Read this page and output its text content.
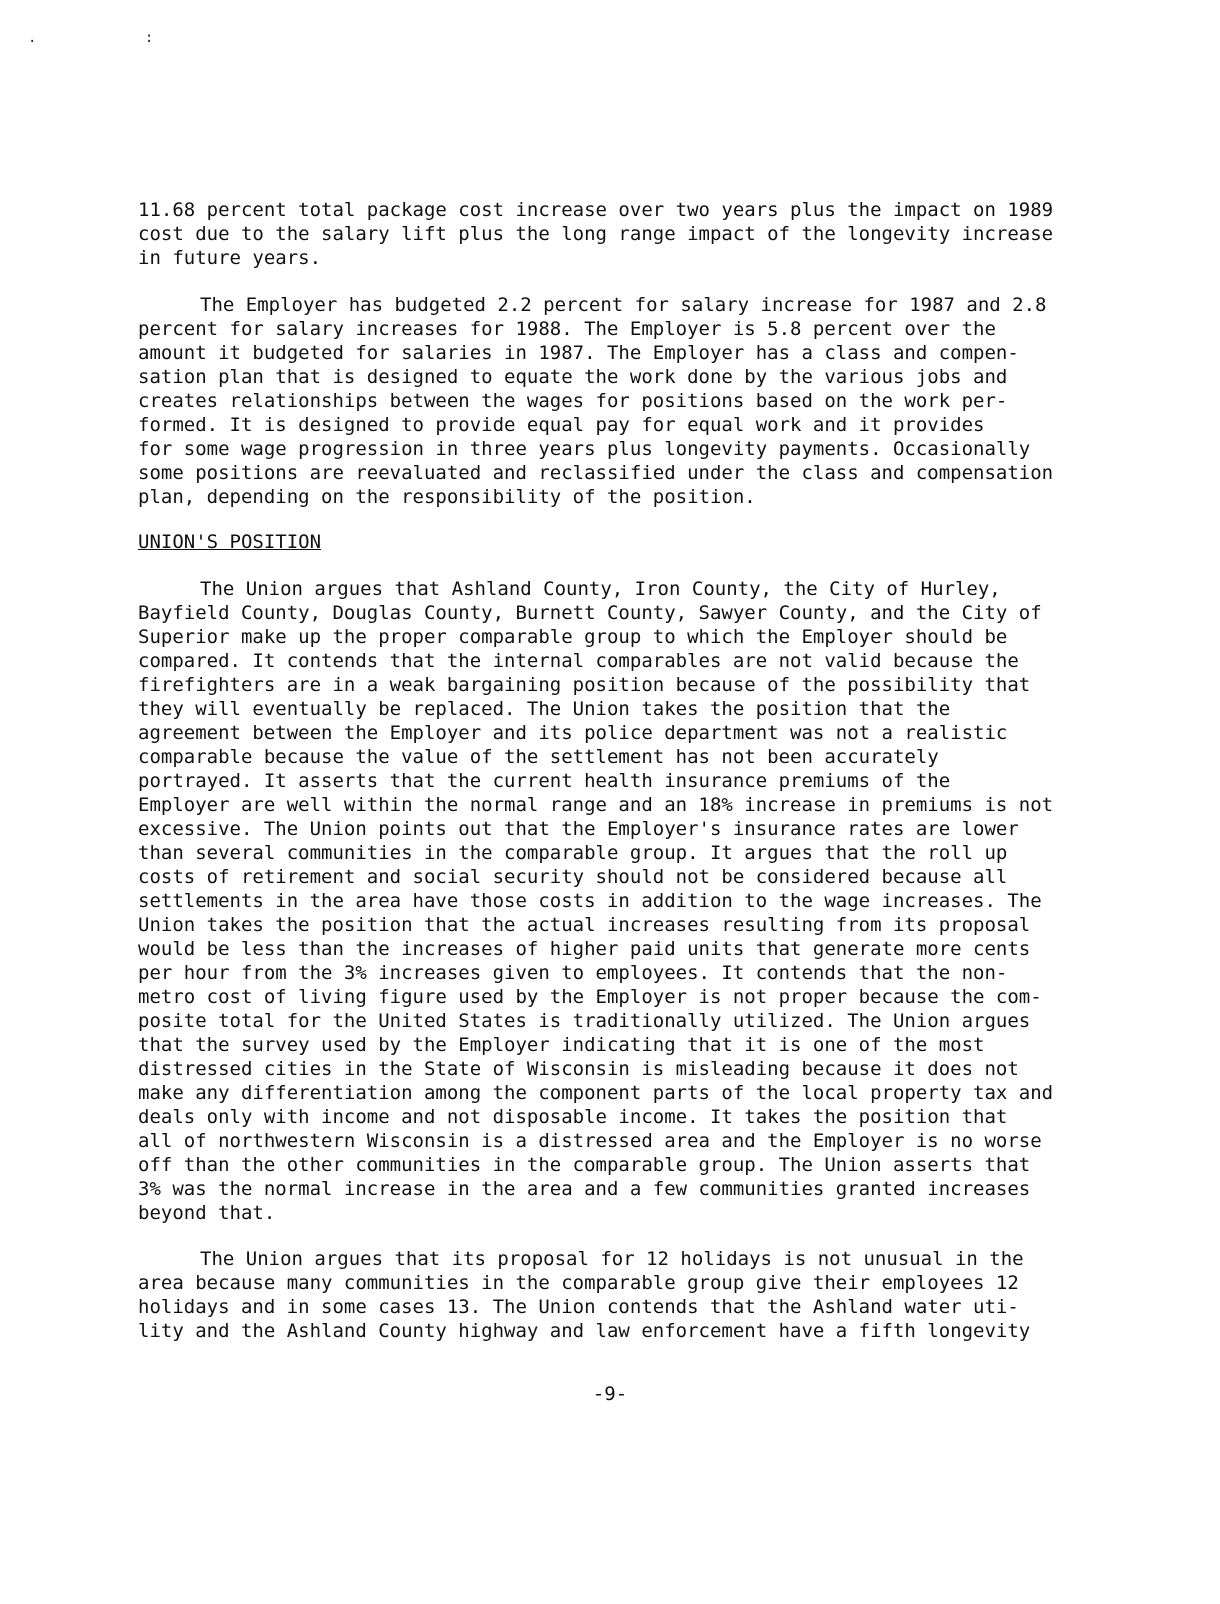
. :
11.68 percent total package cost increase over two years plus the impact on 1989
cost due to the salary lift plus the long range impact of the longevity increase
in future years.
The Employer has budgeted 2.2 percent for salary increase for 1987 and 2.8
percent for salary increases for 1988. The Employer is 5.8 percent over the
amount it budgeted for salaries in 1987. The Employer has a class and compen-
sation plan that is designed to equate the work done by the various jobs and
creates relationships between the wages for positions based on the work per-
formed. It is designed to provide equal pay for equal work and it provides
for some wage progression in three years plus longevity payments. Occasionally
some positions are reevaluated and reclassified under the class and compensation
plan, depending on the responsibility of the position.
UNION'S POSITION
The Union argues that Ashland County, Iron County, the City of Hurley,
Bayfield County, Douglas County, Burnett County, Sawyer County, and the City of
Superior make up the proper comparable group to which the Employer should be
compared. It contends that the internal comparables are not valid because the
firefighters are in a weak bargaining position because of the possibility that
they will eventually be replaced. The Union takes the position that the
agreement between the Employer and its police department was not a realistic
comparable because the value of the settlement has not been accurately
portrayed. It asserts that the current health insurance premiums of the
Employer are well within the normal range and an 18% increase in premiums is not
excessive. The Union points out that the Employer's insurance rates are lower
than several communities in the comparable group. It argues that the roll up
costs of retirement and social security should not be considered because all
settlements in the area have those costs in addition to the wage increases. The
Union takes the position that the actual increases resulting from its proposal
would be less than the increases of higher paid units that generate more cents
per hour from the 3% increases given to employees. It contends that the non-
metro cost of living figure used by the Employer is not proper because the com-
posite total for the United States is traditionally utilized. The Union argues
that the survey used by the Employer indicating that it is one of the most
distressed cities in the State of Wisconsin is misleading because it does not
make any differentiation among the component parts of the local property tax and
deals only with income and not disposable income. It takes the position that
all of northwestern Wisconsin is a distressed area and the Employer is no worse
off than the other communities in the comparable group. The Union asserts that
3% was the normal increase in the area and a few communities granted increases
beyond that.
The Union argues that its proposal for 12 holidays is not unusual in the
area because many communities in the comparable group give their employees 12
holidays and in some cases 13. The Union contends that the Ashland water uti-
lity and the Ashland County highway and law enforcement have a fifth longevity
-9-
